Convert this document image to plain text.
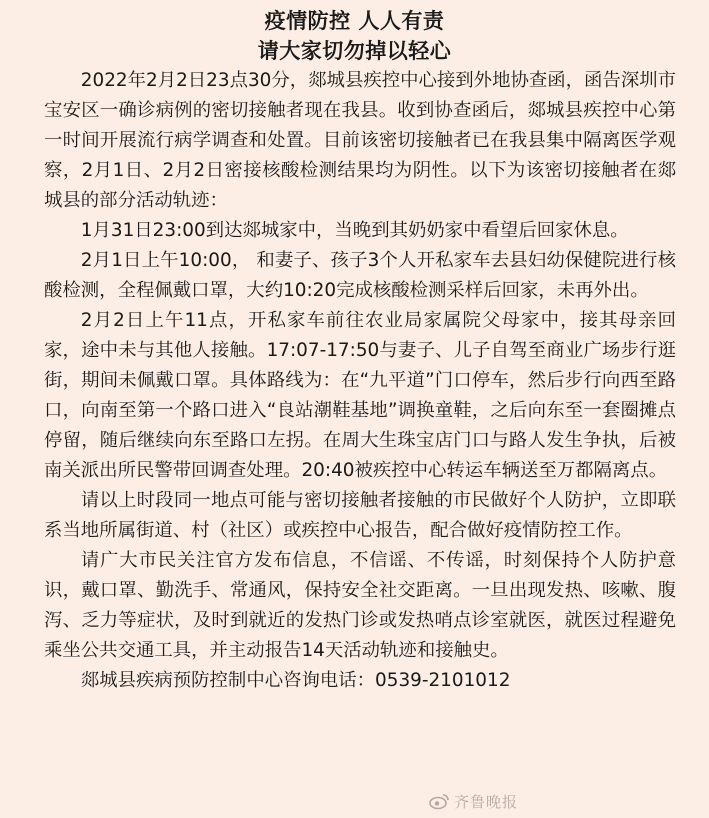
疫情防控 人人有责
请大家切勿掉以轻心

2022年2月2日23点30分，郯城县疾控中心接到外地协查函，函告深圳市宝安区一确诊病例的密切接触者现在我县。收到协查函后，郯城县疾控中心第一时间开展流行病学调查和处置。目前该密切接触者已在我县集中隔离医学观察，2月1日、2月2日密接核酸检测结果均为阴性。以下为该密切接触者在郯城县的部分活动轨迹：

1月31日23:00到达郯城家中，当晚到其奶奶家中看望后回家休息。

2月1日上午10:00， 和妻子、孩子3个人开私家车去县妇幼保健院进行核酸检测，全程佩戴口罩，大约10:20完成核酸检测采样后回家，未再外出。

2月2日上午11点，开私家车前往农业局家属院父母家中，接其母亲回家，途中未与其他人接触。17:07-17:50与妻子、儿子自驾至商业广场步行逛街，期间未佩戴口罩。具体路线为：在“九平道”门口停车，然后步行向西至路口，向南至第一个路口进入“良站潮鞋基地”调换童鞋，之后向东至一套圈摊点停留，随后继续向东至路口左拐。在周大生珠宝店门口与路人发生争执，后被南关派出所民警带回调查处理。20:40被疾控中心转运车辆送至万都隔离点。

请以上时段同一地点可能与密切接触者接触的市民做好个人防护，立即联系当地所属街道、村（社区）或疾控中心报告，配合做好疫情防控工作。

请广大市民关注官方发布信息，不信谣、不传谣，时刻保持个人防护意识，戴口罩、勤洗手、常通风，保持安全社交距离。一旦出现发热、咳嗽、腹泻、乏力等症状，及时到就近的发热门诊或发热哨点诊室就医，就医过程避免乘坐公共交通工具，并主动报告14天活动轨迹和接触史。

郯城县疾病预防控制中心咨询电话：0539-2101012

齐鲁晚报
